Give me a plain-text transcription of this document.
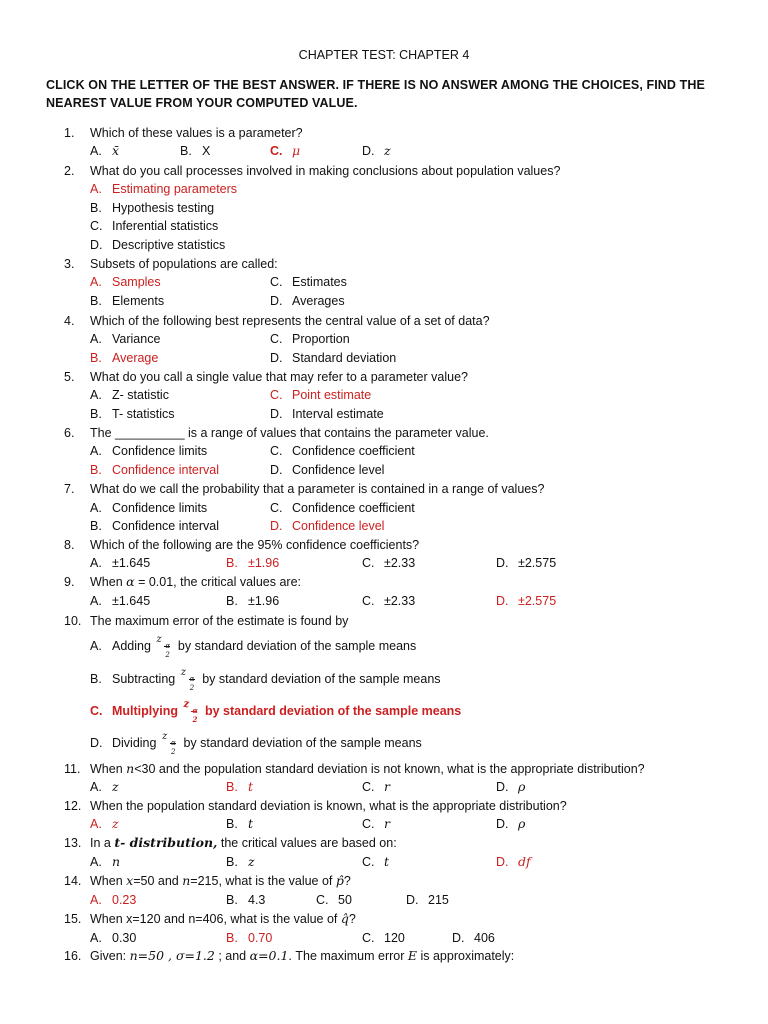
CHAPTER TEST: CHAPTER 4
CLICK ON THE LETTER OF THE BEST ANSWER. IF THERE IS NO ANSWER AMONG THE CHOICES, FIND THE NEAREST VALUE FROM YOUR COMPUTED VALUE.
1. Which of these values is a parameter?
A. x̄	B. X	C. μ	D. z
2. What do you call processes involved in making conclusions about population values?
A. Estimating parameters
B. Hypothesis testing
C. Inferential statistics
D. Descriptive statistics
3. Subsets of populations are called:
A. Samples	C. Estimates
B. Elements	D. Averages
4. Which of the following best represents the central value of a set of data?
A. Variance	C. Proportion
B. Average	D. Standard deviation
5. What do you call a single value that may refer to a parameter value?
A. Z- statistic	C. Point estimate
B. T- statistics	D. Interval estimate
6. The __________ is a range of values that contains the parameter value.
A. Confidence limits	C. Confidence coefficient
B. Confidence interval	D. Confidence level
7. What do we call the probability that a parameter is contained in a range of values?
A. Confidence limits	C. Confidence coefficient
B. Confidence interval	D. Confidence level
8. Which of the following are the 95% confidence coefficients?
A. ±1.645	B. ±1.96	C. ±2.33	D. ±2.575
9. When α = 0.01, the critical values are:
A. ±1.645	B. ±1.96	C. ±2.33	D. ±2.575
10. The maximum error of the estimate is found by
A. Adding z
α
2
by standard deviation of the sample means
B. Subtracting z
α
2
by standard deviation of the sample means
C. Multiplying z
α
2
by standard deviation of the sample means
D. Dividing z
α
2
by standard deviation of the sample means
11. When n<30 and the population standard deviation is not known, what is the appropriate distribution?
A. z	B. t	C. r	D. ρ
12. When the population standard deviation is known, what is the appropriate distribution?
A. z	B. t	C. r	D. ρ
13. In a t- distribution, the critical values are based on:
A. n	B. z	C. t	D. df
14. When x=50 and n=215, what is the value of p̂?
A. 0.23	B. 4.3	C. 50	D. 215
15. When x=120 and n=406, what is the value of q̂?
A. 0.30	B. 0.70	C. 120	D. 406
16. Given: n=50 , σ=1.2 ; and α=0.1. The maximum error E is approximately:
